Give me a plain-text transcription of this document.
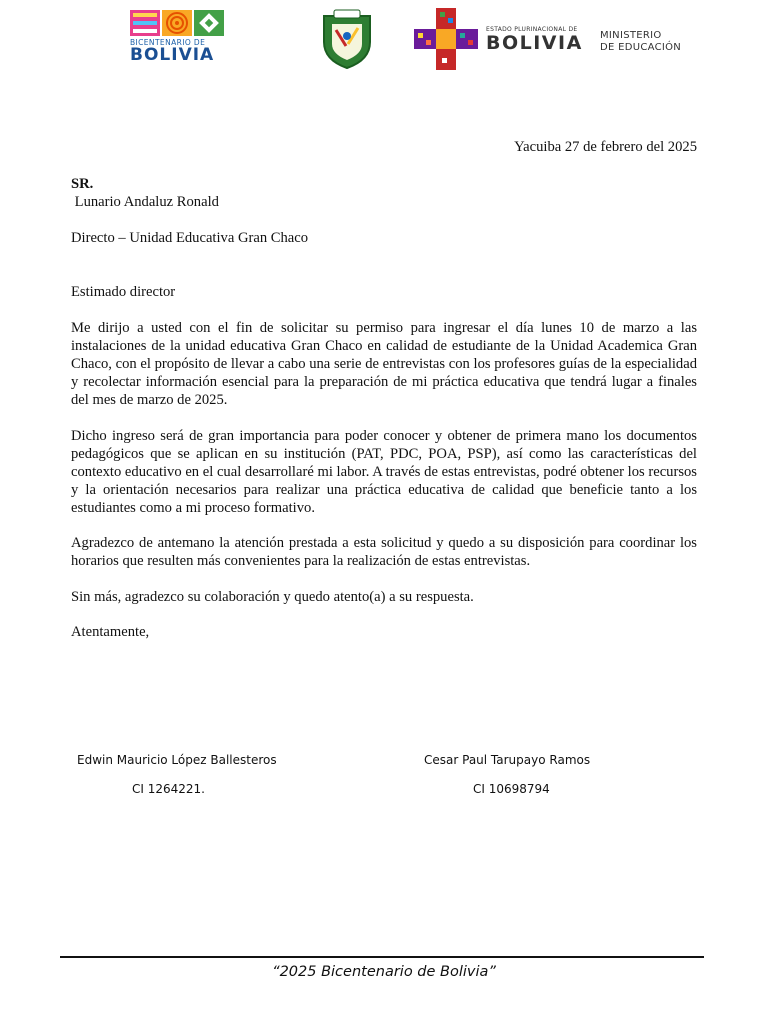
BICENTENARIO DE
BOLIVIA
ESTADO PLURINACIONAL DE
BOLIVIA MINISTERIO
DE EDUCACIÓN
Yacuiba 27 de febrero del 2025
SR.
Lunario Andaluz Ronald
Directo – Unidad Educativa Gran Chaco
Estimado director

Me dirijo a usted con el fin de solicitar su permiso para ingresar el día lunes 10 de marzo a las instalaciones de la unidad educativa Gran Chaco en calidad de estudiante de la Unidad Academica Gran Chaco, con el propósito de llevar a cabo una serie de entrevistas con los profesores guías de la especialidad y recolectar información esencial para la preparación de mi práctica educativa que tendrá lugar a finales del mes de marzo de 2025.

Dicho ingreso será de gran importancia para poder conocer y obtener de primera mano los documentos pedagógicos que se aplican en su institución (PAT, PDC, POA, PSP), así como las características del contexto educativo en el cual desarrollaré mi labor. A través de estas entrevistas, podré obtener los recursos y la orientación necesarios para realizar una práctica educativa de calidad que beneficie tanto a los estudiantes como a mi proceso formativo.

Agradezco de antemano la atención prestada a esta solicitud y quedo a su disposición para coordinar los horarios que resulten más convenientes para la realización de estas entrevistas.

Sin más, agradezco su colaboración y quedo atento(a) a su respuesta.

Atentamente,
Edwin Mauricio López Ballesteros
CI 1264221.
Cesar Paul Tarupayo Ramos
CI 10698794
“2025 Bicentenario de Bolivia”
